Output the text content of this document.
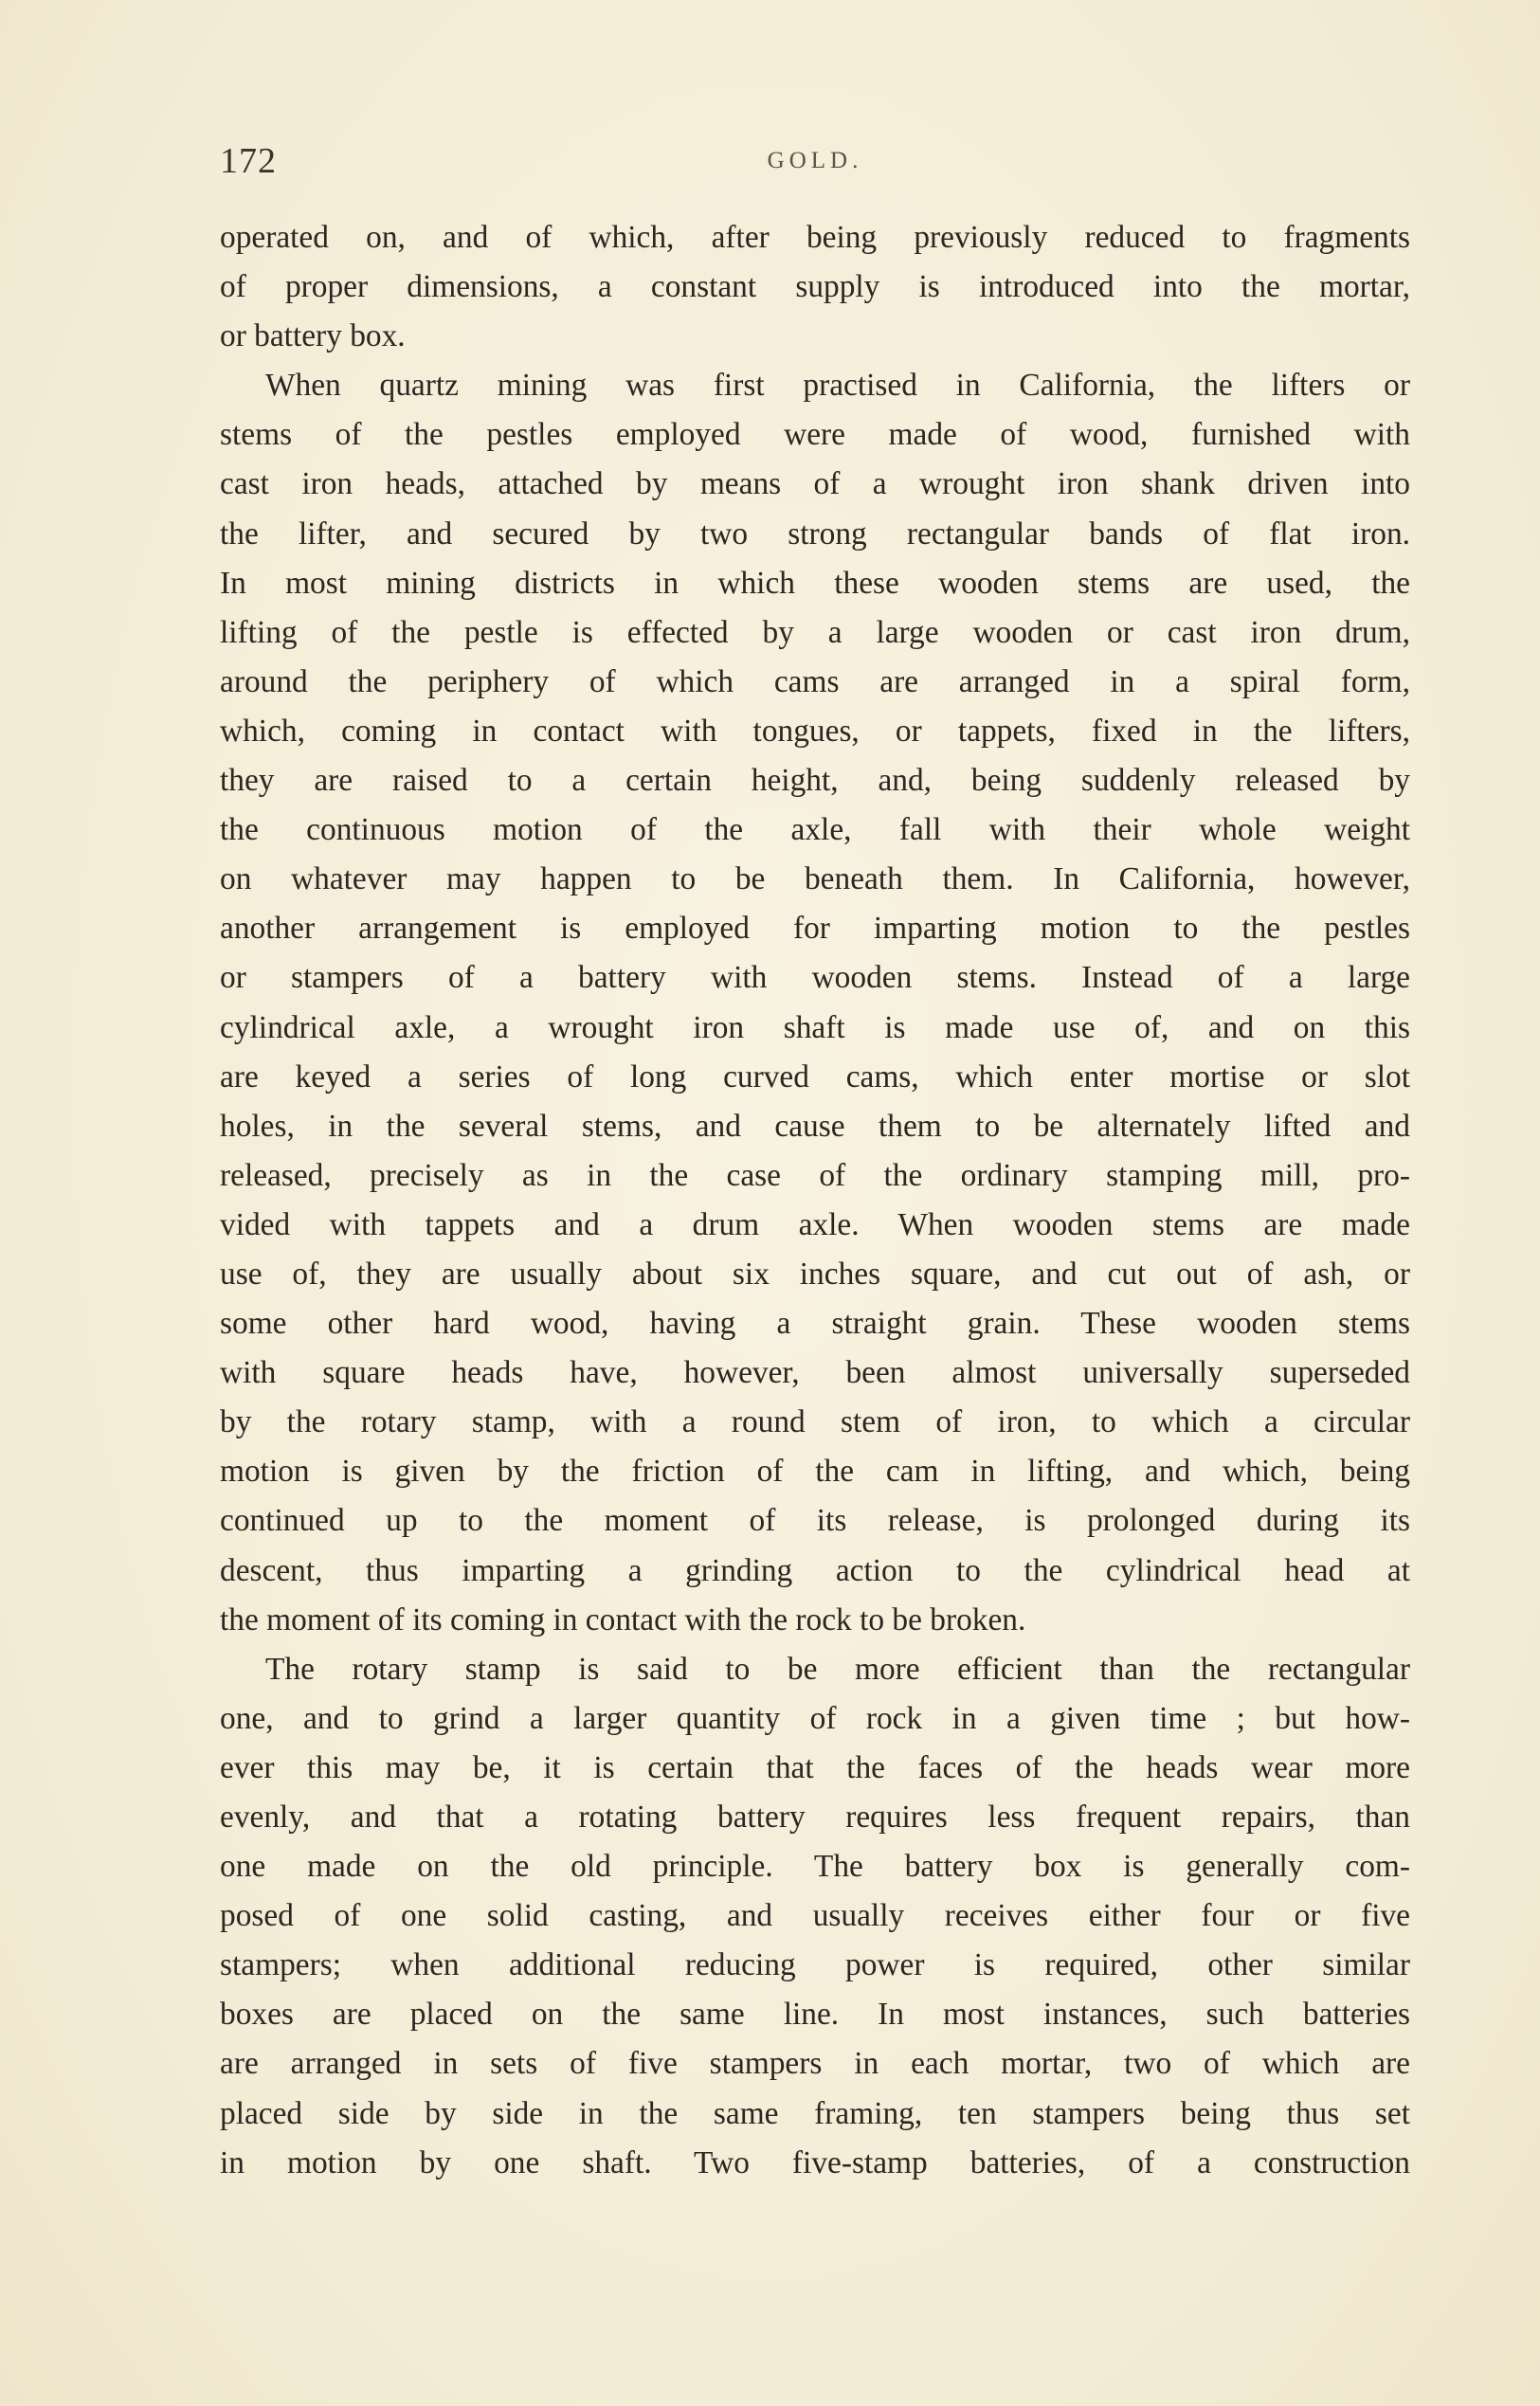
172	GOLD.
operated on, and of which, after being previously reduced to fragments
of proper dimensions, a constant supply is introduced into the mortar,
or battery box.
When quartz mining was first practised in California, the lifters or
stems of the pestles employed were made of wood, furnished with
cast iron heads, attached by means of a wrought iron shank driven into
the lifter, and secured by two strong rectangular bands of flat iron.
In most mining districts in which these wooden stems are used, the
lifting of the pestle is effected by a large wooden or cast iron drum,
around the periphery of which cams are arranged in a spiral form,
which, coming in contact with tongues, or tappets, fixed in the lifters,
they are raised to a certain height, and, being suddenly released by
the continuous motion of the axle, fall with their whole weight
on whatever may happen to be beneath them. In California, however,
another arrangement is employed for imparting motion to the pestles
or stampers of a battery with wooden stems. Instead of a large
cylindrical axle, a wrought iron shaft is made use of, and on this
are keyed a series of long curved cams, which enter mortise or slot
holes, in the several stems, and cause them to be alternately lifted and
released, precisely as in the case of the ordinary stamping mill, pro-
vided with tappets and a drum axle. When wooden stems are made
use of, they are usually about six inches square, and cut out of ash, or
some other hard wood, having a straight grain. These wooden stems
with square heads have, however, been almost universally superseded
by the rotary stamp, with a round stem of iron, to which a circular
motion is given by the friction of the cam in lifting, and which, being
continued up to the moment of its release, is prolonged during its
descent, thus imparting a grinding action to the cylindrical head at
the moment of its coming in contact with the rock to be broken.
The rotary stamp is said to be more efficient than the rectangular
one, and to grind a larger quantity of rock in a given time ; but how-
ever this may be, it is certain that the faces of the heads wear more
evenly, and that a rotating battery requires less frequent repairs, than
one made on the old principle. The battery box is generally com-
posed of one solid casting, and usually receives either four or five
stampers; when additional reducing power is required, other similar
boxes are placed on the same line. In most instances, such batteries
are arranged in sets of five stampers in each mortar, two of which are
placed side by side in the same framing, ten stampers being thus set
in motion by one shaft. Two five-stamp batteries, of a construction
